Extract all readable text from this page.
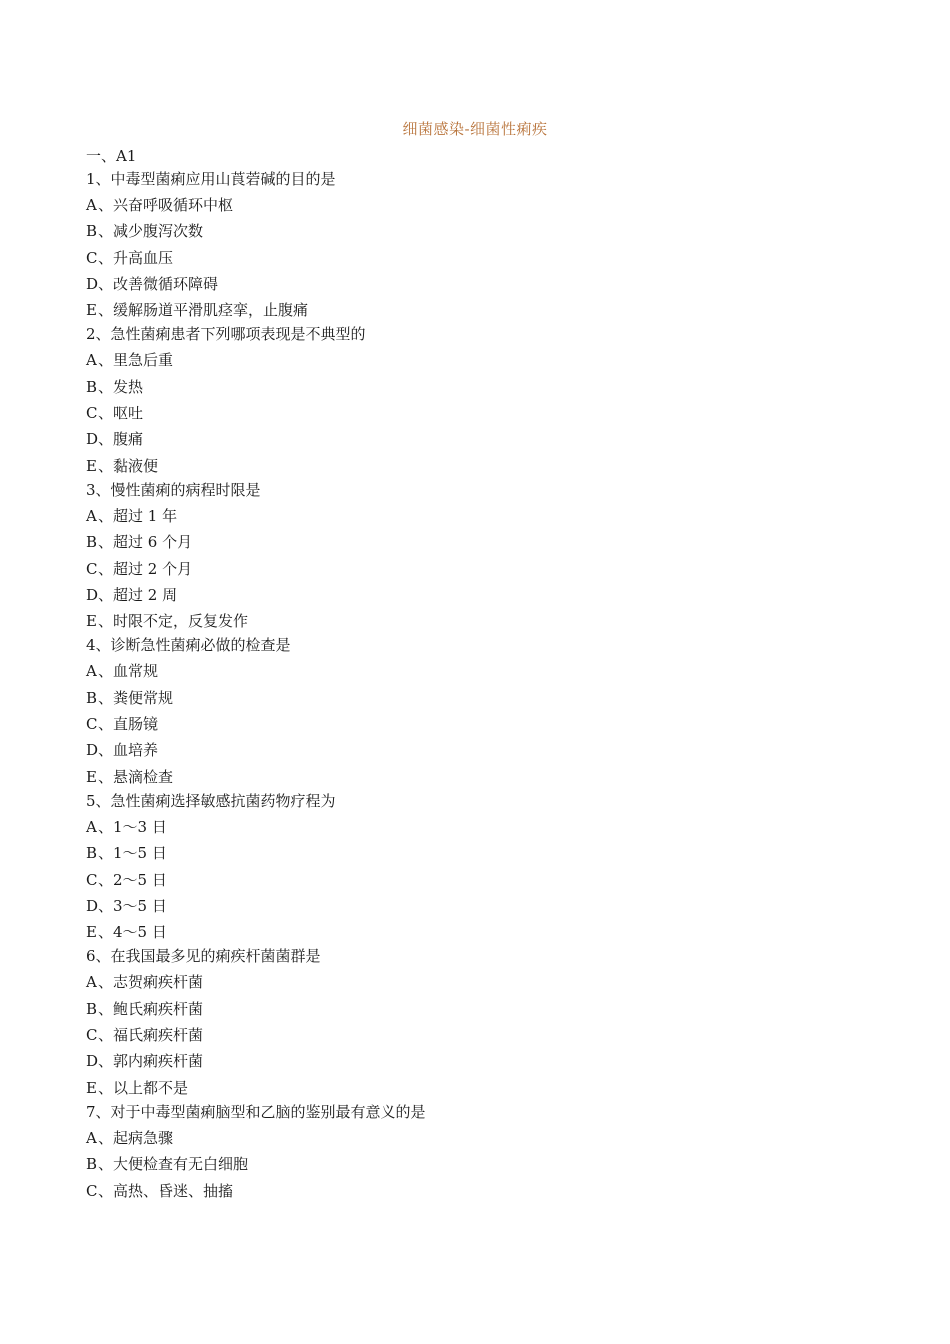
细菌感染-细菌性痢疾
一、A1
1、中毒型菌痢应用山莨菪碱的目的是
A、兴奋呼吸循环中枢
B、减少腹泻次数
C、升高血压
D、改善微循环障碍
E、缓解肠道平滑肌痉挛，止腹痛
2、急性菌痢患者下列哪项表现是不典型的
A、里急后重
B、发热
C、呕吐
D、腹痛
E、黏液便
3、慢性菌痢的病程时限是
A、超过 1 年
B、超过 6 个月
C、超过 2 个月
D、超过 2 周
E、时限不定，反复发作
4、诊断急性菌痢必做的检查是
A、血常规
B、粪便常规
C、直肠镜
D、血培养
E、悬滴检查
5、急性菌痢选择敏感抗菌药物疗程为
A、1～3 日
B、1～5 日
C、2～5 日
D、3～5 日
E、4～5 日
6、在我国最多见的痢疾杆菌菌群是
A、志贺痢疾杆菌
B、鲍氏痢疾杆菌
C、福氏痢疾杆菌
D、郭内痢疾杆菌
E、以上都不是
7、对于中毒型菌痢脑型和乙脑的鉴别最有意义的是
A、起病急骤
B、大便检查有无白细胞
C、高热、昏迷、抽搐
